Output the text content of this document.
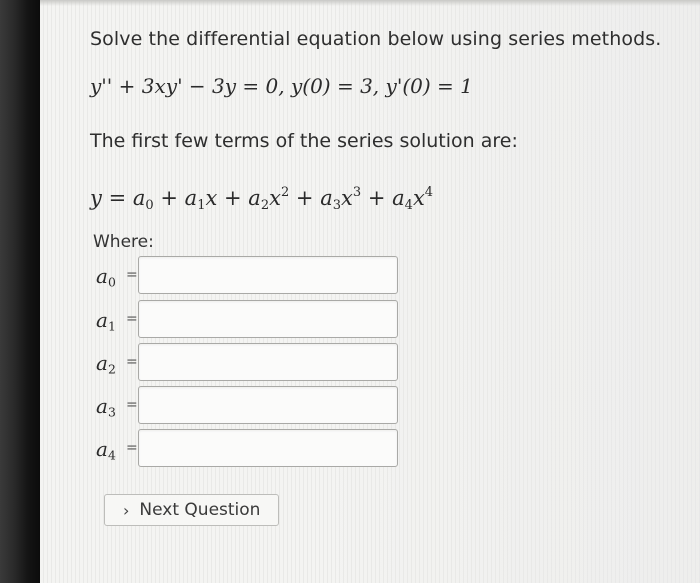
Solve the differential equation below using series methods.
y'' + 3xy' − 3y = 0, y(0) = 3, y'(0) = 1
The first few terms of the series solution are:
$y = a_0 + a_1x + a_2x^2 + a_3x^3 + a_4x^4$
Where:
$a_0$ =
$a_1$ =
$a_2$ =
$a_3$ =
$a_4$ =
› Next Question
